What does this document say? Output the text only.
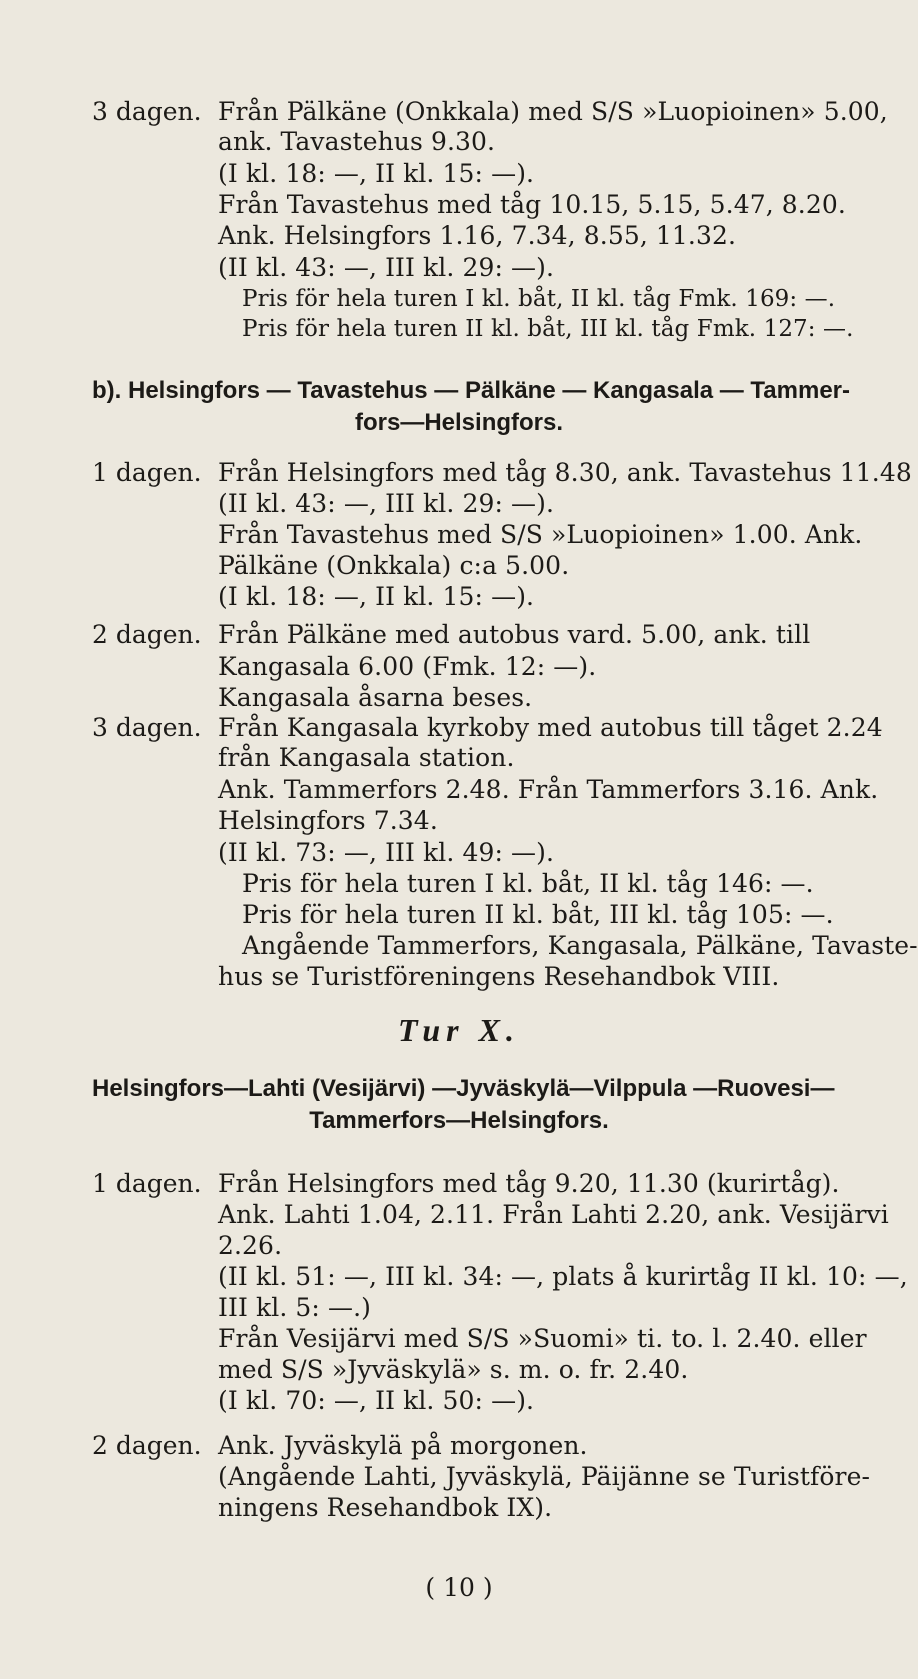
3 dagen. Från Pälkäne (Onkkala) med S/S »Luopioinen» 5.00,
ank. Tavastehus 9.30.
(I kl. 18: —, II kl. 15: —).
Från Tavastehus med tåg 10.15, 5.15, 5.47, 8.20.
Ank. Helsingfors 1.16, 7.34, 8.55, 11.32.
(II kl. 43: —, III kl. 29: —).
Pris för hela turen I kl. båt, II kl. tåg Fmk. 169: —.
Pris för hela turen II kl. båt, III kl. tåg Fmk. 127: —.
b). Helsingfors — Tavastehus — Pälkäne — Kangasala — Tammer-
fors—Helsingfors.
1 dagen. Från Helsingfors med tåg 8.30, ank. Tavastehus 11.48
(II kl. 43: —, III kl. 29: —).
Från Tavastehus med S/S »Luopioinen» 1.00. Ank.
Pälkäne (Onkkala) c:a 5.00.
(I kl. 18: —, II kl. 15: —).
2 dagen. Från Pälkäne med autobus vard. 5.00, ank. till
Kangasala 6.00 (Fmk. 12: —).
Kangasala åsarna beses.
3 dagen. Från Kangasala kyrkoby med autobus till tåget 2.24
från Kangasala station.
Ank. Tammerfors 2.48. Från Tammerfors 3.16. Ank.
Helsingfors 7.34.
(II kl. 73: —, III kl. 49: —).
Pris för hela turen I kl. båt, II kl. tåg 146: —.
Pris för hela turen II kl. båt, III kl. tåg 105: —.
Angående Tammerfors, Kangasala, Pälkäne, Tavaste-
hus se Turistföreningens Resehandbok VIII.
Tur X.
Helsingfors—Lahti (Vesijärvi) —Jyväskylä—Vilppula —Ruovesi—
Tammerfors—Helsingfors.
1 dagen. Från Helsingfors med tåg 9.20, 11.30 (kurirtåg).
Ank. Lahti 1.04, 2.11. Från Lahti 2.20, ank. Vesijärvi
2.26.
(II kl. 51: —, III kl. 34: —, plats å kurirtåg II kl. 10: —,
III kl. 5: —.)
Från Vesijärvi med S/S »Suomi» ti. to. l. 2.40. eller
med S/S »Jyväskylä» s. m. o. fr. 2.40.
(I kl. 70: —, II kl. 50: —).
2 dagen. Ank. Jyväskylä på morgonen.
(Angående Lahti, Jyväskylä, Päijänne se Turistföre-
ningens Resehandbok IX).
( 10 )
